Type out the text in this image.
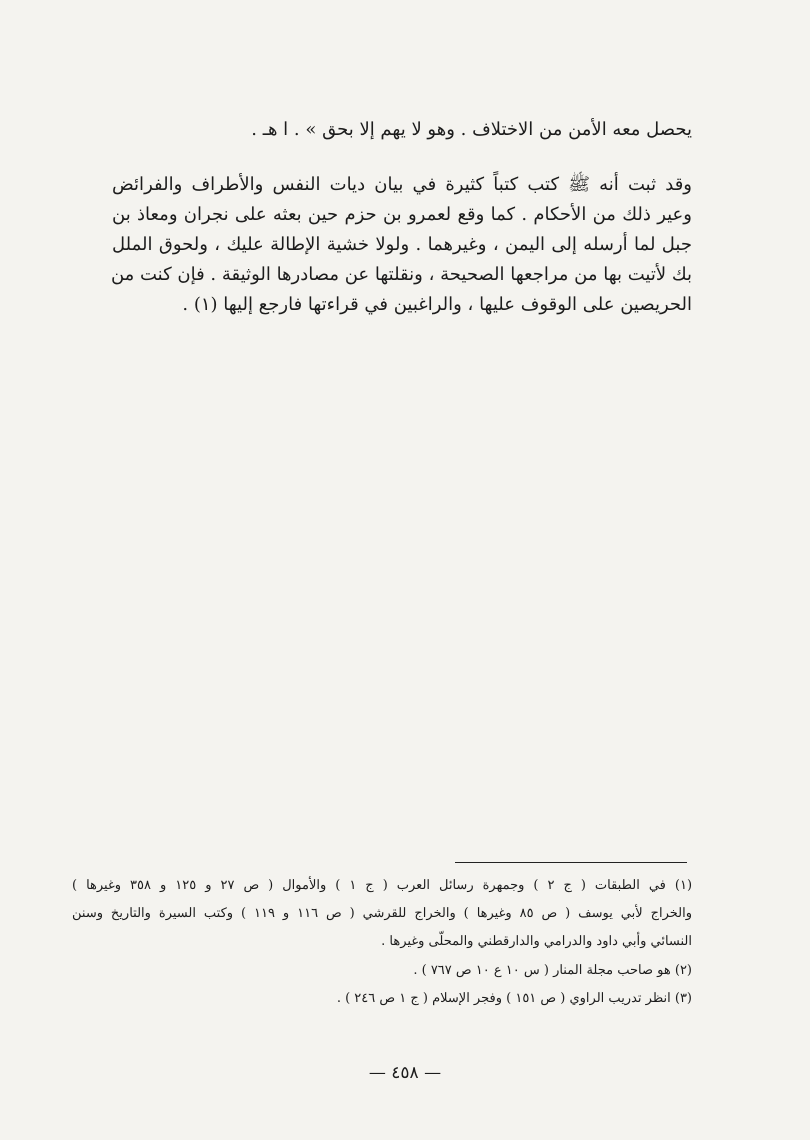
يحصل معه الأمن من الاختلاف . وهو لا يهم إلا بحق » . ا هـ .
وقد ثبت أنه ﷺ كتب كتباً كثيرة في بيان ديات النفس والأطراف والفرائض
وعير ذلك من الأحكام . كما وقع لعمرو بن حزم حين بعثه على نجران ومعاذ بن
جبل لما أرسله إلى اليمن ، وغيرهما . ولولا خشية الإطالة عليك ، ولحوق الملل
بك لأتيت بها من مراجعها الصحيحة ، ونقلتها عن مصادرها الوثيقة . فإن كنت من
الحريصين على الوقوف عليها ، والراغبين في قراءتها فارجع إليها (١) .
(١) في الطبقات ( ج ٢ ) وجمهرة رسائل العرب ( ج ١ ) والأموال ( ص ٢٧ و ١٢٥ و ٣٥٨ وغيرها )
والخراج لأبي يوسف ( ص ٨٥ وغيرها ) والخراج للقرشي ( ص ١١٦ و ١١٩ ) وكتب السيرة والتاريخ وسنن
النسائي وأبي داود والدرامي والدارقطني والمحلّى وغيرها .
(٢) هو صاحب مجلة المنار ( س ١٠ ع ١٠ ص ٧٦٧ ) .
(٣) انظر تدريب الراوي ( ص ١٥١ ) وفجر الإسلام ( ج ١ ص ٢٤٦ ) .
— ٤٥٨ —
